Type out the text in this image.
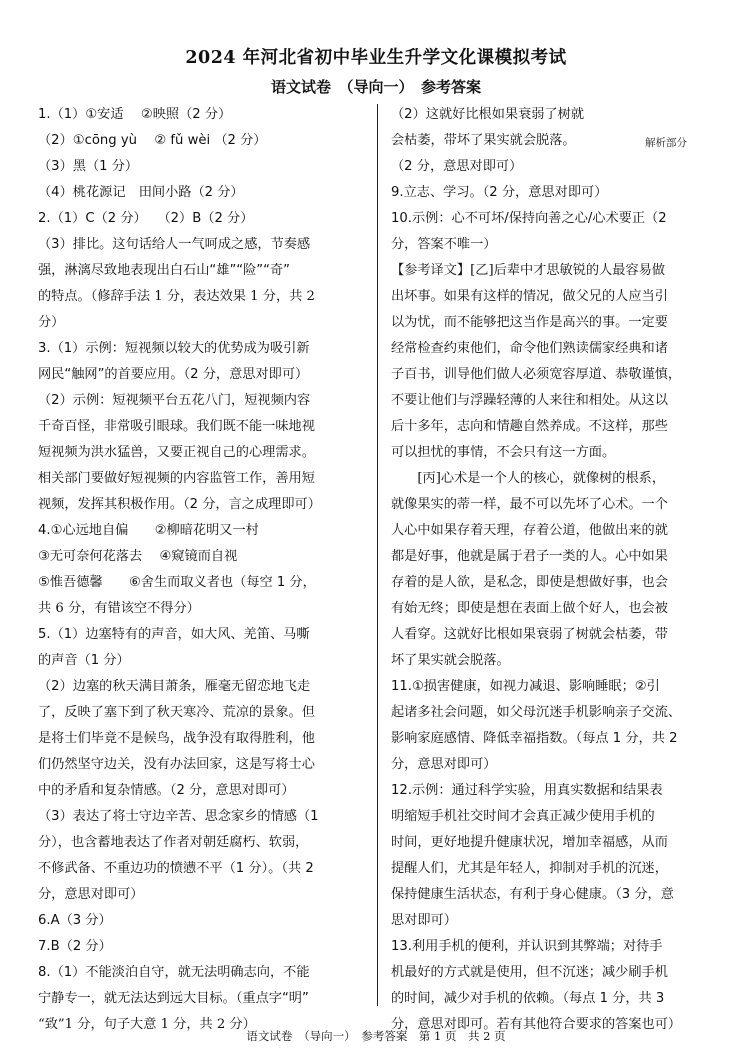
2024 年河北省初中毕业生升学文化课模拟考试
语文试卷　（导向一）　参考答案
1.（1）①安适　 ②映照（2 分）
（2）①cōng yù　 ② fǔ wèi （2 分）
（3）黑（1 分）
（4）桃花源记　田间小路（2 分）
2.（1）C（2 分）　 （2）B（2 分）
（3）排比。这句话给人一气呵成之感，节奏感
强，淋漓尽致地表现出白石山“雄”“险”“奇”
的特点。（修辞手法 1 分，表达效果 1 分，共 2
分）
3.（1）示例：短视频以较大的优势成为吸引新
网民“触网”的首要应用。（2 分，意思对即可）
（2）示例：短视频平台五花八门，短视频内容
千奇百怪，非常吸引眼球。我们既不能一味地视
短视频为洪水猛兽，又要正视自己的心理需求。
相关部门要做好短视频的内容监管工作，善用短
视频，发挥其积极作用。（2 分，言之成理即可）
4.①心远地自偏　　②柳暗花明又一村
③无可奈何花落去　 ④窥镜而自视
⑤惟吾德馨　　⑥舍生而取义者也（每空 1 分，
共 6 分，有错该空不得分）
5.（1）边塞特有的声音，如大风、羌笛、马嘶
的声音（1 分）
（2）边塞的秋天满目萧条，雁毫无留恋地飞走
了，反映了塞下到了秋天寒冷、荒凉的景象。但
是将士们毕竟不是候鸟，战争没有取得胜利，他
们仍然坚守边关，没有办法回家，这是写将士心
中的矛盾和复杂情感。（2 分，意思对即可）
（3）表达了将士守边辛苦、思念家乡的情感（1
分），也含蓄地表达了作者对朝廷腐朽、软弱，
不修武备、不重边功的愤懑不平（1 分）。（共 2
分，意思对即可）
6.A（3 分）
7.B（2 分）
8.（1）不能淡泊自守，就无法明确志向，不能
宁静专一，就无法达到远大目标。（重点字“明”
“致”1 分，句子大意 1 分，共 2 分）
（2）这就好比根如果衰弱了树就
会枯萎，带坏了果实就会脱落。
（2 分，意思对即可）
9.立志、学习。（2 分，意思对即可）
10.示例：心不可坏/保持向善之心/心术要正（2
分，答案不唯一）
【参考译文】[乙]后辈中才思敏锐的人最容易做
出坏事。如果有这样的情况，做父兄的人应当引
以为忧，而不能够把这当作是高兴的事。一定要
经常检查约束他们，命令他们熟读儒家经典和诸
子百书，训导他们做人必须宽容厚道、恭敬谨慎，
不要让他们与浮躁轻薄的人来往和相处。从这以
后十多年，志向和情趣自然养成。不这样，那些
可以担忧的事情，不会只有这一方面。
　　[丙]心术是一个人的核心，就像树的根系，
就像果实的蒂一样，最不可以先坏了心术。一个
人心中如果存着天理，存着公道，他做出来的就
都是好事，他就是属于君子一类的人。心中如果
存着的是人欲，是私念，即使是想做好事，也会
有始无终；即使是想在表面上做个好人，也会被
人看穿。这就好比根如果衰弱了树就会枯萎，带
坏了果实就会脱落。
11.①损害健康，如视力减退、影响睡眠；②引
起诸多社会问题，如父母沉迷手机影响亲子交流、
影响家庭感情、降低幸福指数。（每点 1 分，共 2
分，意思对即可）
12.示例：通过科学实验，用真实数据和结果表
明缩短手机社交时间才会真正减少使用手机的
时间，更好地提升健康状况，增加幸福感，从而
提醒人们，尤其是年轻人，抑制对手机的沉迷，
保持健康生活状态，有利于身心健康。（3 分，意
思对即可）
13.利用手机的便利，并认识到其弊端；对待手
机最好的方式就是使用，但不沉迷；减少刷手机
的时间，减少对手机的依赖。（每点 1 分，共 3
分，意思对即可。若有其他符合要求的答案也可）
解析部分
语文试卷　（导向一）　参考答案　第 1 页　共 2 页
